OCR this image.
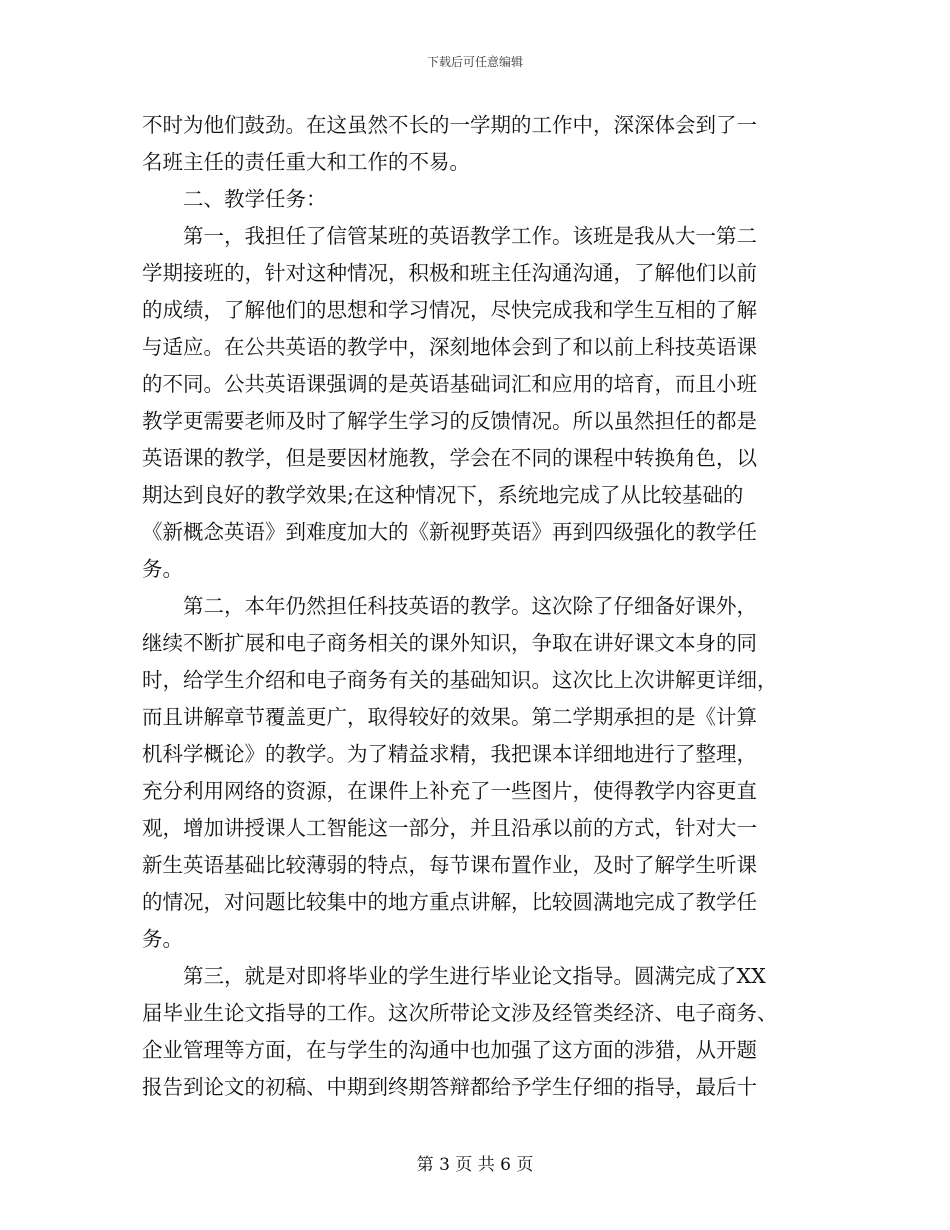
下载后可任意编辑
不时为他们鼓劲。在这虽然不长的一学期的工作中，深深体会到了一
名班主任的责任重大和工作的不易。
　　二、教学任务：
　　第一，我担任了信管某班的英语教学工作。该班是我从大一第二
学期接班的，针对这种情况，积极和班主任沟通沟通，了解他们以前
的成绩，了解他们的思想和学习情况，尽快完成我和学生互相的了解
与适应。在公共英语的教学中，深刻地体会到了和以前上科技英语课
的不同。公共英语课强调的是英语基础词汇和应用的培育，而且小班
教学更需要老师及时了解学生学习的反馈情况。所以虽然担任的都是
英语课的教学，但是要因材施教，学会在不同的课程中转换角色，以
期达到良好的教学效果;在这种情况下，系统地完成了从比较基础的
《新概念英语》到难度加大的《新视野英语》再到四级强化的教学任
务。
　　第二，本年仍然担任科技英语的教学。这次除了仔细备好课外，
继续不断扩展和电子商务相关的课外知识，争取在讲好课文本身的同
时，给学生介绍和电子商务有关的基础知识。这次比上次讲解更详细，
而且讲解章节覆盖更广，取得较好的效果。第二学期承担的是《计算
机科学概论》的教学。为了精益求精，我把课本详细地进行了整理，
充分利用网络的资源，在课件上补充了一些图片，使得教学内容更直
观，增加讲授课人工智能这一部分，并且沿承以前的方式，针对大一
新生英语基础比较薄弱的特点，每节课布置作业，及时了解学生听课
的情况，对问题比较集中的地方重点讲解，比较圆满地完成了教学任
务。
　　第三，就是对即将毕业的学生进行毕业论文指导。圆满完成了XX
届毕业生论文指导的工作。这次所带论文涉及经管类经济、电子商务、
企业管理等方面，在与学生的沟通中也加强了这方面的涉猎，从开题
报告到论文的初稿、中期到终期答辩都给予学生仔细的指导，最后十
第 3 页 共 6 页
